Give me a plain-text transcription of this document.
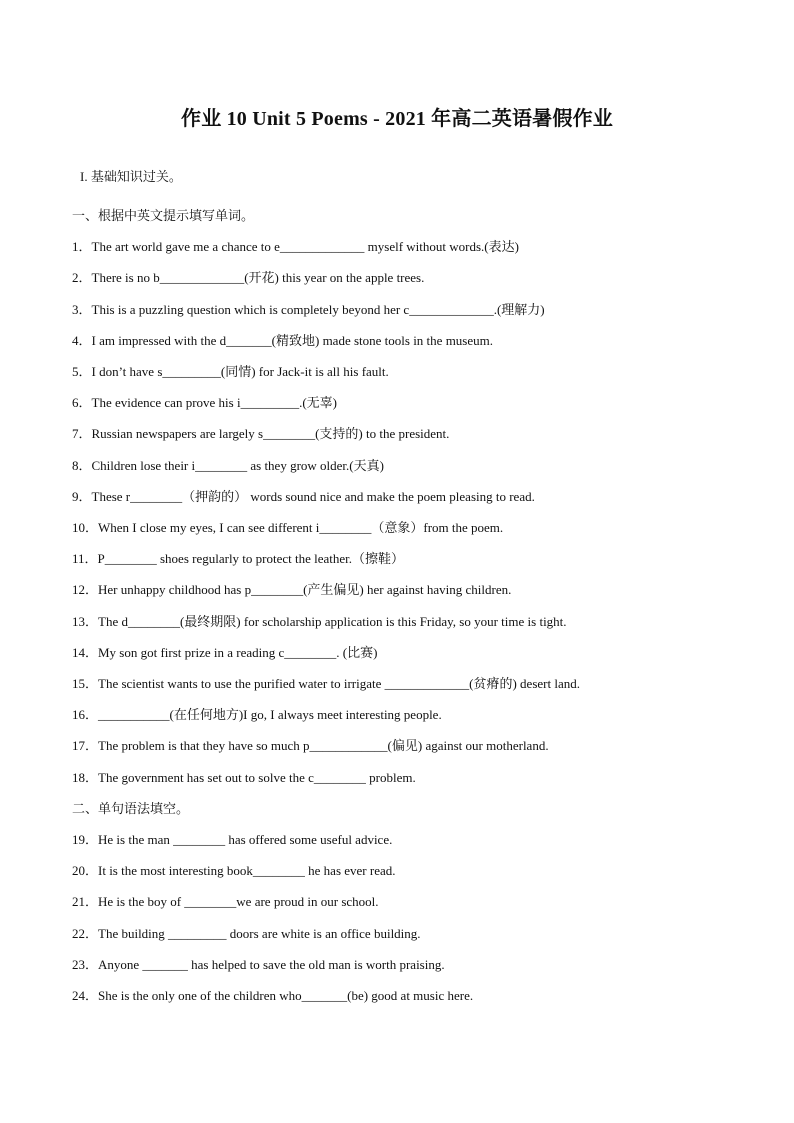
作业 10 Unit 5 Poems - 2021 年高二英语暑假作业
I. 基础知识过关。
一、根据中英文提示填写单词。
1．The art world gave me a chance to e_____________ myself without words.(表达)
2．There is no b_____________(开花) this year on the apple trees.
3．This is a puzzling question which is completely beyond her c_____________.(理解力)
4．I am impressed with the d_______(精致地) made stone tools in the museum.
5．I don’t have s_________(同情) for Jack-it is all his fault.
6．The evidence can prove his i_________.(无辜)
7．Russian newspapers are largely s________(支持的) to the president.
8．Children lose their i________ as they grow older.(天真)
9．These r________（押韵的） words sound nice and make the poem pleasing to read.
10．When I close my eyes, I can see different i________（意象）from the poem.
11．P________ shoes regularly to protect the leather.（擦鞋）
12．Her unhappy childhood has p________(产生偏见) her against having children.
13．The d________(最终期限) for scholarship application is this Friday, so your time is tight.
14．My son got first prize in a reading c________. (比赛)
15．The scientist wants to use the purified water to irrigate _____________(贫瘠的) desert land.
16．___________(在任何地方)I go, I always meet interesting people.
17．The problem is that they have so much p____________(偏见) against our motherland.
18．The government has set out to solve the c________ problem.
二、单句语法填空。
19．He is the man ________ has offered some useful advice.
20．It is the most interesting book________ he has ever read.
21．He is the boy of ________we are proud in our school.
22．The building _________ doors are white is an office building.
23．Anyone _______ has helped to save the old man is worth praising.
24．She is the only one of the children who_______(be) good at music here.
